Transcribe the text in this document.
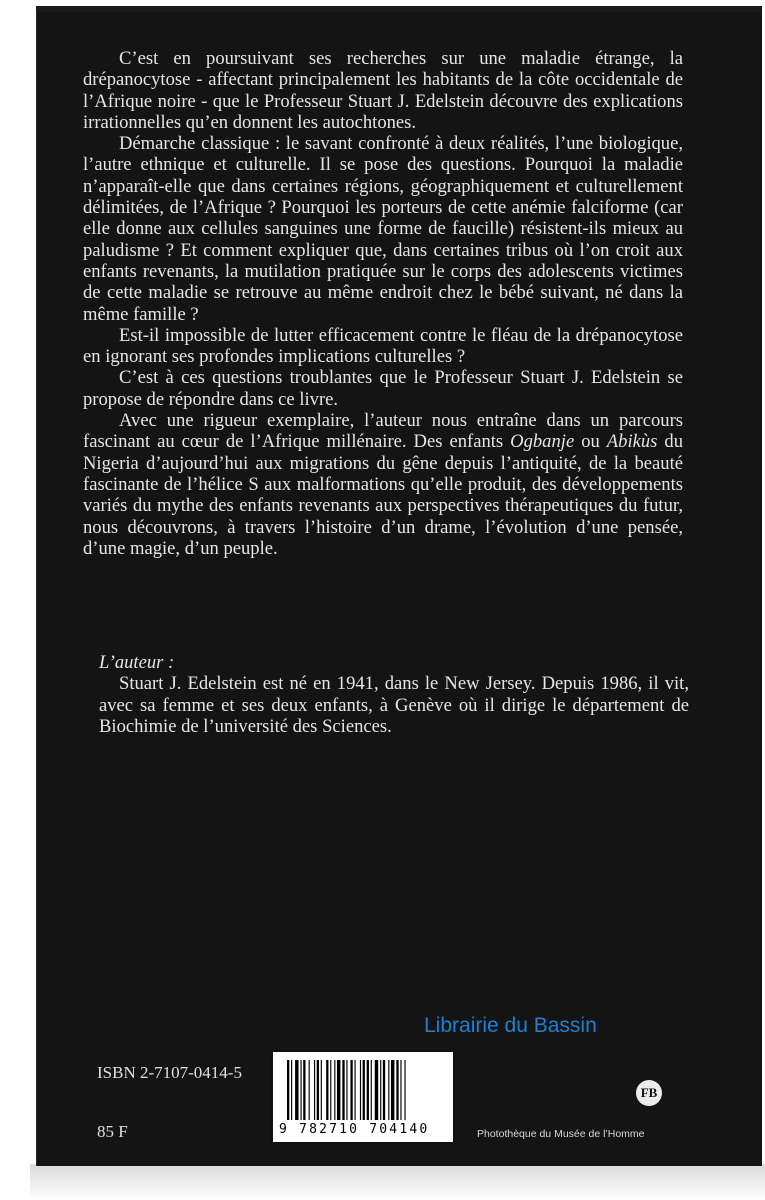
C’est en poursuivant ses recherches sur une maladie étrange, la drépanocytose - affectant principalement les habitants de la côte occidentale de l’Afrique noire - que le Professeur Stuart J. Edelstein découvre des explications irrationnelles qu’en donnent les autochtones.

Démarche classique : le savant confronté à deux réalités, l’une biologique, l’autre ethnique et culturelle. Il se pose des questions. Pourquoi la maladie n’apparaît-elle que dans certaines régions, géographiquement et culturellement délimitées, de l’Afrique ? Pourquoi les porteurs de cette anémie falciforme (car elle donne aux cellules sanguines une forme de faucille) résistent-ils mieux au paludisme ? Et comment expliquer que, dans certaines tribus où l’on croit aux enfants revenants, la mutilation pratiquée sur le corps des adolescents victimes de cette maladie se retrouve au même endroit chez le bébé suivant, né dans la même famille ?

Est-il impossible de lutter efficacement contre le fléau de la drépanocytose en ignorant ses profondes implications culturelles ?

C’est à ces questions troublantes que le Professeur Stuart J. Edelstein se propose de répondre dans ce livre.

Avec une rigueur exemplaire, l’auteur nous entraîne dans un parcours fascinant au cœur de l’Afrique millénaire. Des enfants Ogbanje ou Abikùs du Nigeria d’aujourd’hui aux migrations du gêne depuis l’antiquité, de la beauté fascinante de l’hélice S aux malformations qu’elle produit, des développements variés du mythe des enfants revenants aux perspectives thérapeutiques du futur, nous découvrons, à travers l’histoire d’un drame, l’évolution d’une pensée, d’une magie, d’un peuple.

L’auteur :

Stuart J. Edelstein est né en 1941, dans le New Jersey. Depuis 1986, il vit, avec sa femme et ses deux enfants, à Genève où il dirige le département de Biochimie de l’université des Sciences.

Librairie du Bassin
ISBN 2-7107-0414-5
85 F	9 782710 704140
FB
Photothèque du Musée de l’Homme
